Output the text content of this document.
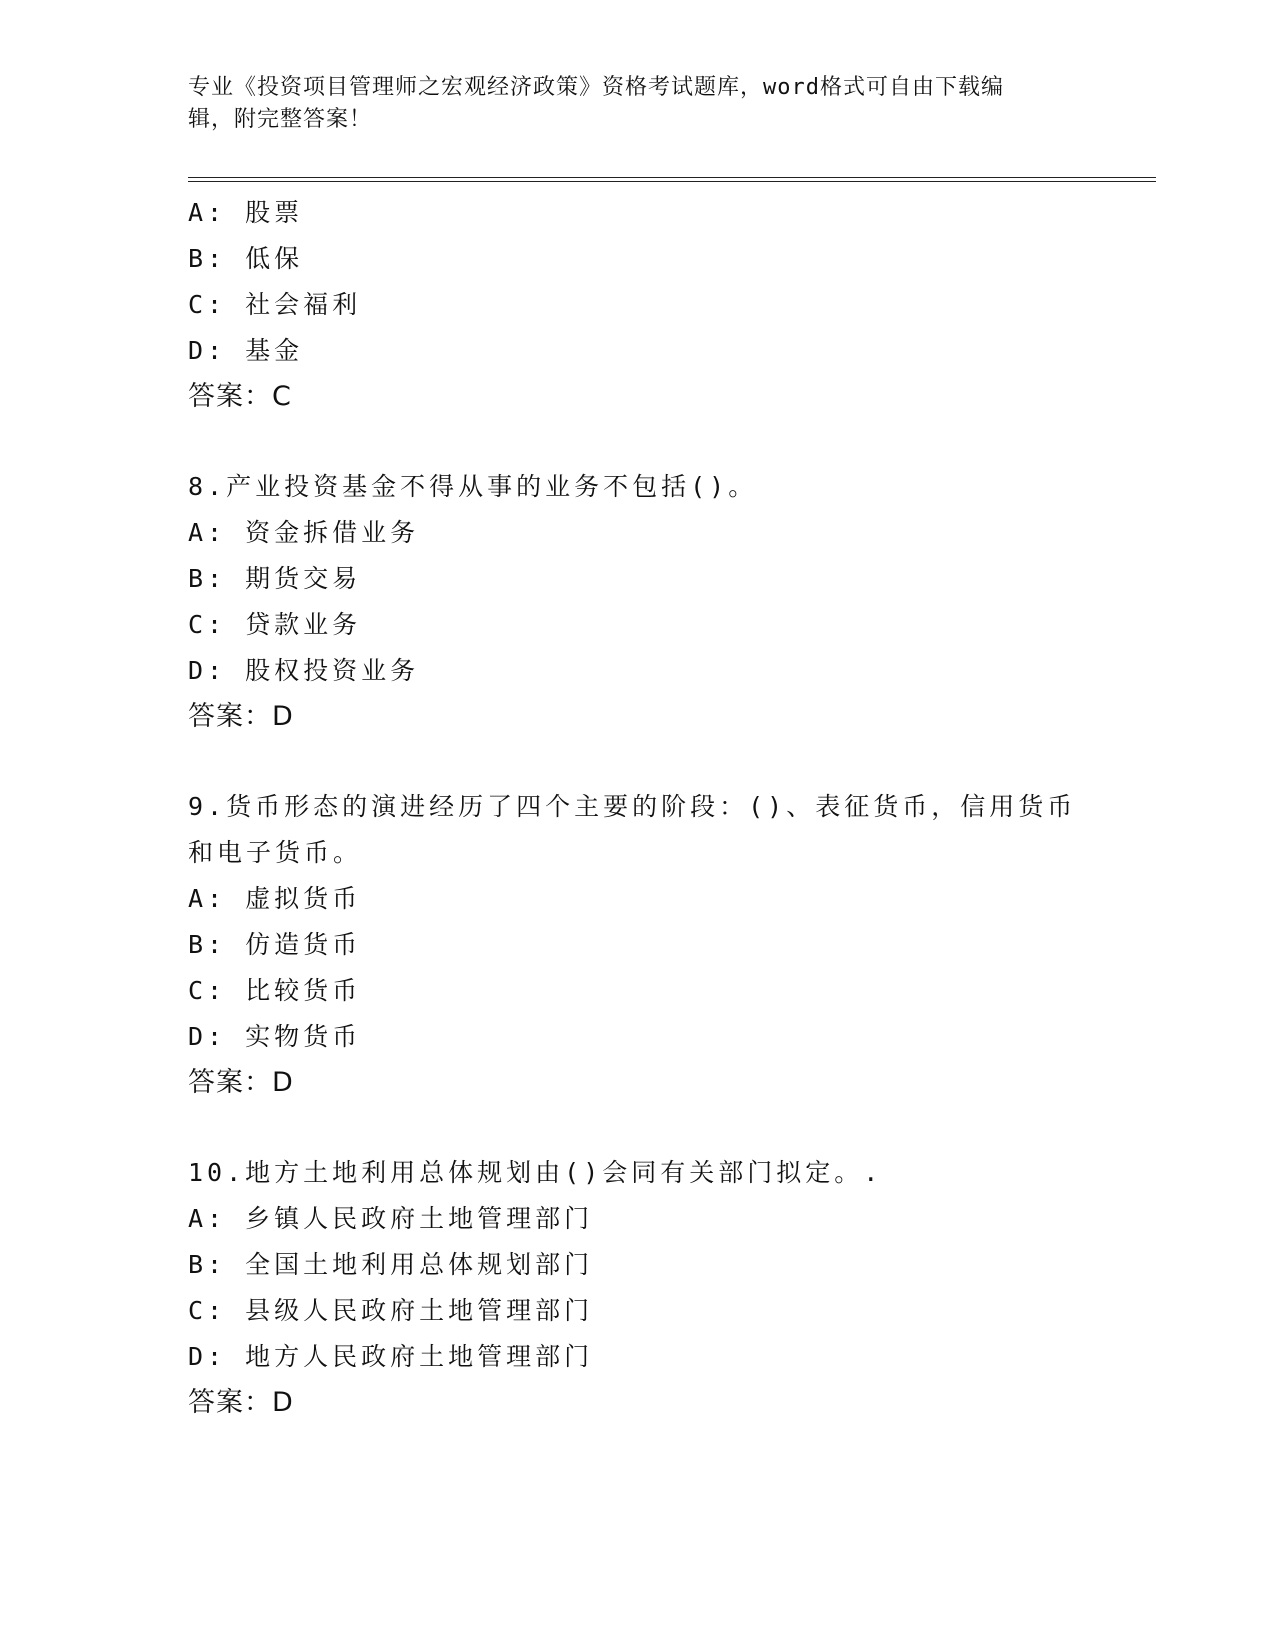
专业《投资项目管理师之宏观经济政策》资格考试题库，word格式可自由下载编
辑，附完整答案！
A: 股票
B: 低保
C: 社会福利
D: 基金
答案：C
8.产业投资基金不得从事的业务不包括()。
A: 资金拆借业务
B: 期货交易
C: 贷款业务
D: 股权投资业务
答案：D
9.货币形态的演进经历了四个主要的阶段：()、表征货币，信用货币
和电子货币。
A: 虚拟货币
B: 仿造货币
C: 比较货币
D: 实物货币
答案：D
10.地方土地利用总体规划由()会同有关部门拟定。.
A: 乡镇人民政府土地管理部门
B: 全国土地利用总体规划部门
C: 县级人民政府土地管理部门
D: 地方人民政府土地管理部门
答案：D
